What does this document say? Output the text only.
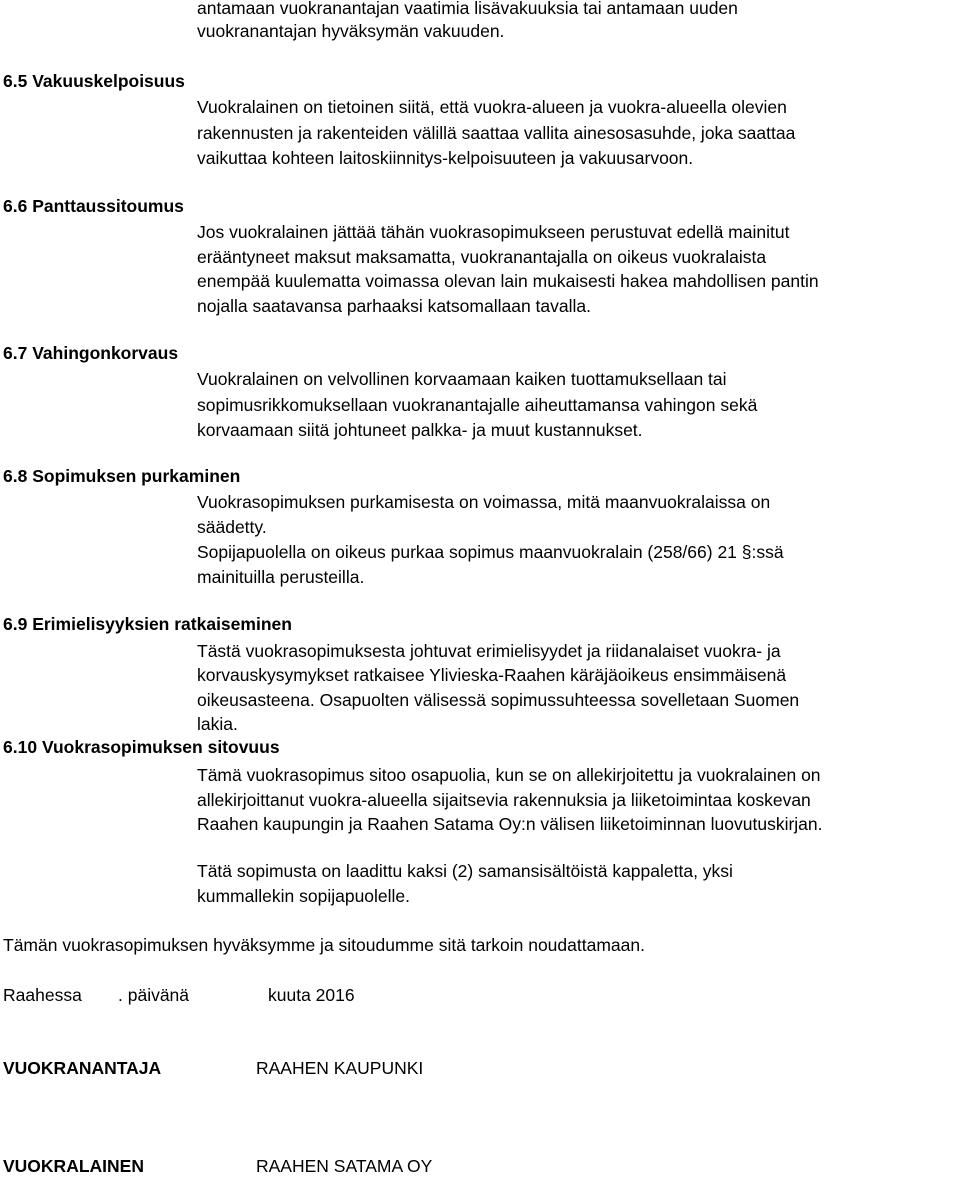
antamaan vuokranantajan vaatimia lisävakuuksia tai antamaan uuden
vuokranantajan hyväksymän vakuuden.
6.5 Vakuuskelpoisuus
Vuokralainen on tietoinen siitä, että vuokra-alueen ja vuokra-alueella olevien
rakennusten ja rakenteiden välillä saattaa vallita ainesosasuhde, joka saattaa
vaikuttaa kohteen laitoskiinnitys-kelpoisuuteen ja vakuusarvoon.
6.6 Panttaussitoumus
Jos vuokralainen jättää tähän vuokrasopimukseen perustuvat edellä mainitut
erääntyneet maksut maksamatta, vuokranantajalla on oikeus vuokralaista
enempää kuulematta voimassa olevan lain mukaisesti hakea mahdollisen pantin
nojalla saatavansa parhaaksi katsomallaan tavalla.
6.7 Vahingonkorvaus
Vuokralainen on velvollinen korvaamaan kaiken tuottamuksellaan tai
sopimusrikkomuksellaan vuokranantajalle aiheuttamansa vahingon sekä
korvaamaan siitä johtuneet palkka- ja muut kustannukset.
6.8 Sopimuksen purkaminen
Vuokrasopimuksen purkamisesta on voimassa, mitä maanvuokralaissa on
säädetty.
Sopijapuolella on oikeus purkaa sopimus maanvuokralain (258/66) 21 §:ssä
mainituilla perusteilla.
6.9 Erimielisyyksien ratkaiseminen
Tästä vuokrasopimuksesta johtuvat erimielisyydet ja riidanalaiset vuokra- ja
korvauskysymykset ratkaisee Ylivieska-Raahen käräjäoikeus ensimmäisenä
oikeusasteena. Osapuolten välisessä sopimussuhteessa sovelletaan Suomen
lakia.
6.10 Vuokrasopimuksen sitovuus
Tämä vuokrasopimus sitoo osapuolia, kun se on allekirjoitettu ja vuokralainen on
allekirjoittanut vuokra-alueella sijaitsevia rakennuksia ja liiketoimintaa koskevan
Raahen kaupungin ja Raahen Satama Oy:n välisen liiketoiminnan luovutuskirjan.
Tätä sopimusta on laadittu kaksi (2) samansisältöistä kappaletta, yksi
kummallekin sopijapuolelle.
Tämän vuokrasopimuksen hyväksymme ja sitoudumme sitä tarkoin noudattamaan.
Raahessa . päivänä	kuuta 2016
VUOKRANANTAJA	RAAHEN KAUPUNKI
VUOKRALAINEN	RAAHEN SATAMA OY
